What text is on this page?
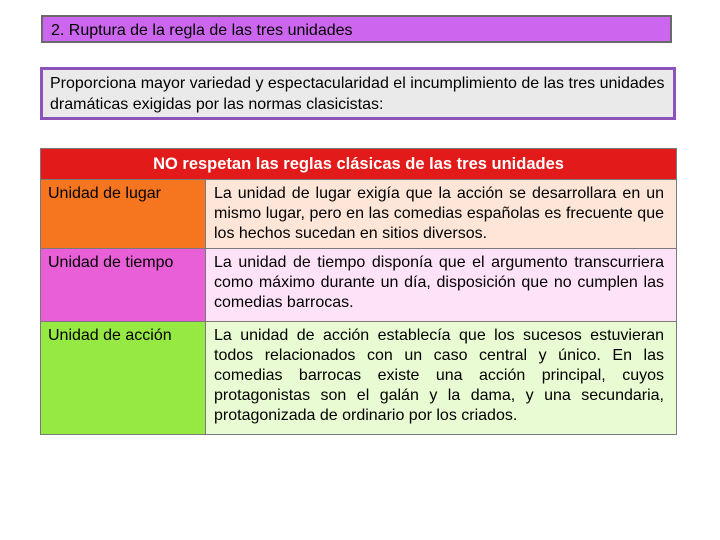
2. Ruptura de la regla de las tres unidades
Proporciona mayor variedad y espectacularidad el incumplimiento de las tres unidades dramáticas exigidas por las normas clasicistas:
NO respetan las reglas clásicas de las tres unidades	
Unidad de lugar	La unidad de lugar exigía que la acción se desarrollara en un mismo lugar, pero en las comedias españolas es frecuente que los hechos sucedan en sitios diversos.
Unidad de tiempo	La unidad de tiempo disponía que el argumento transcurriera como máximo durante un día, disposición que no cumplen las comedias barrocas.
Unidad de acción	La unidad de acción establecía que los sucesos estuvieran todos relacionados con un caso central y único. En las comedias barrocas existe una acción principal, cuyos protagonistas son el galán y la dama, y una secundaria, protagonizada de ordinario por los criados.
